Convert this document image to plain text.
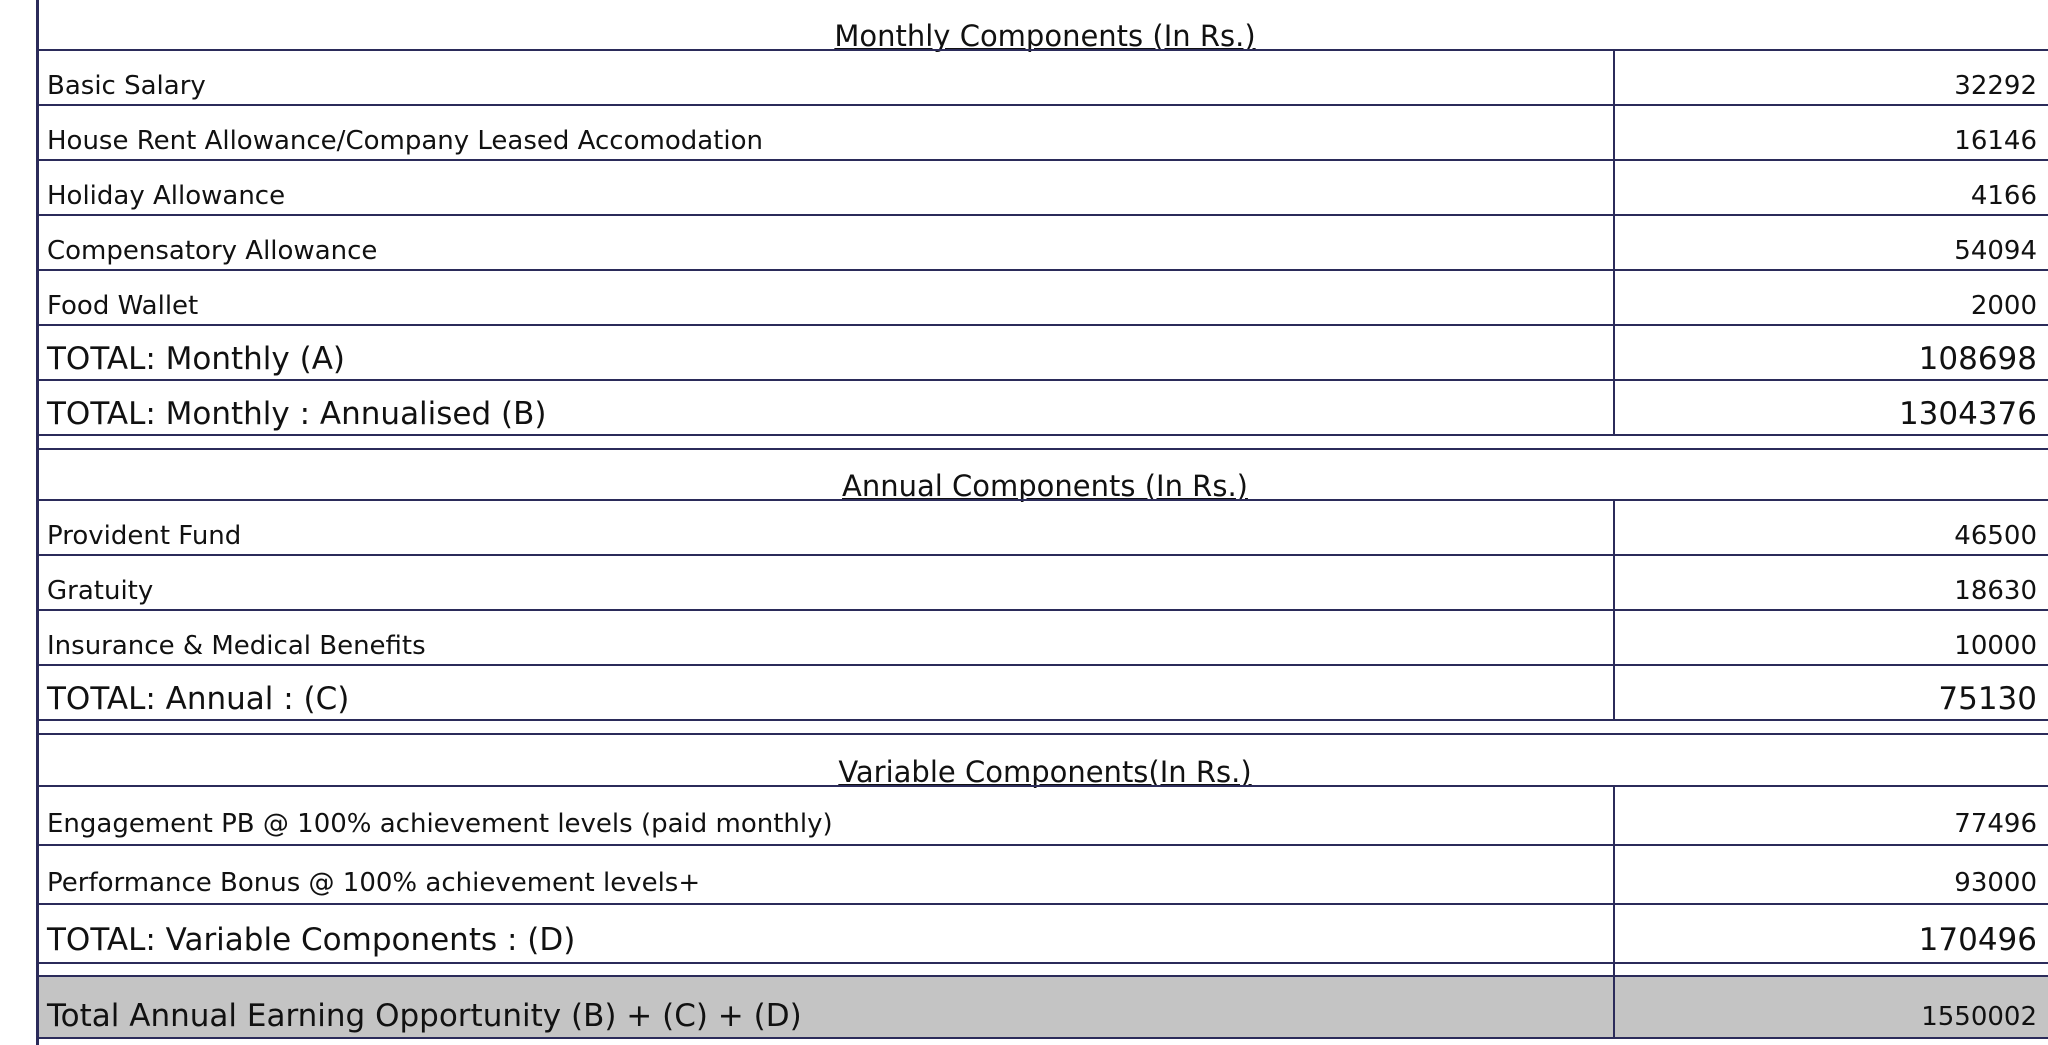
Monthly Components (In Rs.)
Basic Salary	32292
House Rent Allowance/Company Leased Accomodation	16146
Holiday Allowance	4166
Compensatory Allowance	54094
Food Wallet	2000
TOTAL: Monthly (A)	108698
TOTAL: Monthly : Annualised (B)	1304376
Annual Components (In Rs.)
Provident Fund	46500
Gratuity	18630
Insurance & Medical Benefits	10000
TOTAL: Annual : (C)	75130
Variable Components(In Rs.)
Engagement PB @ 100% achievement levels (paid monthly)	77496
Performance Bonus @ 100% achievement levels+	93000
TOTAL: Variable Components : (D)	170496
Total Annual Earning Opportunity (B) + (C) + (D)	1550002
